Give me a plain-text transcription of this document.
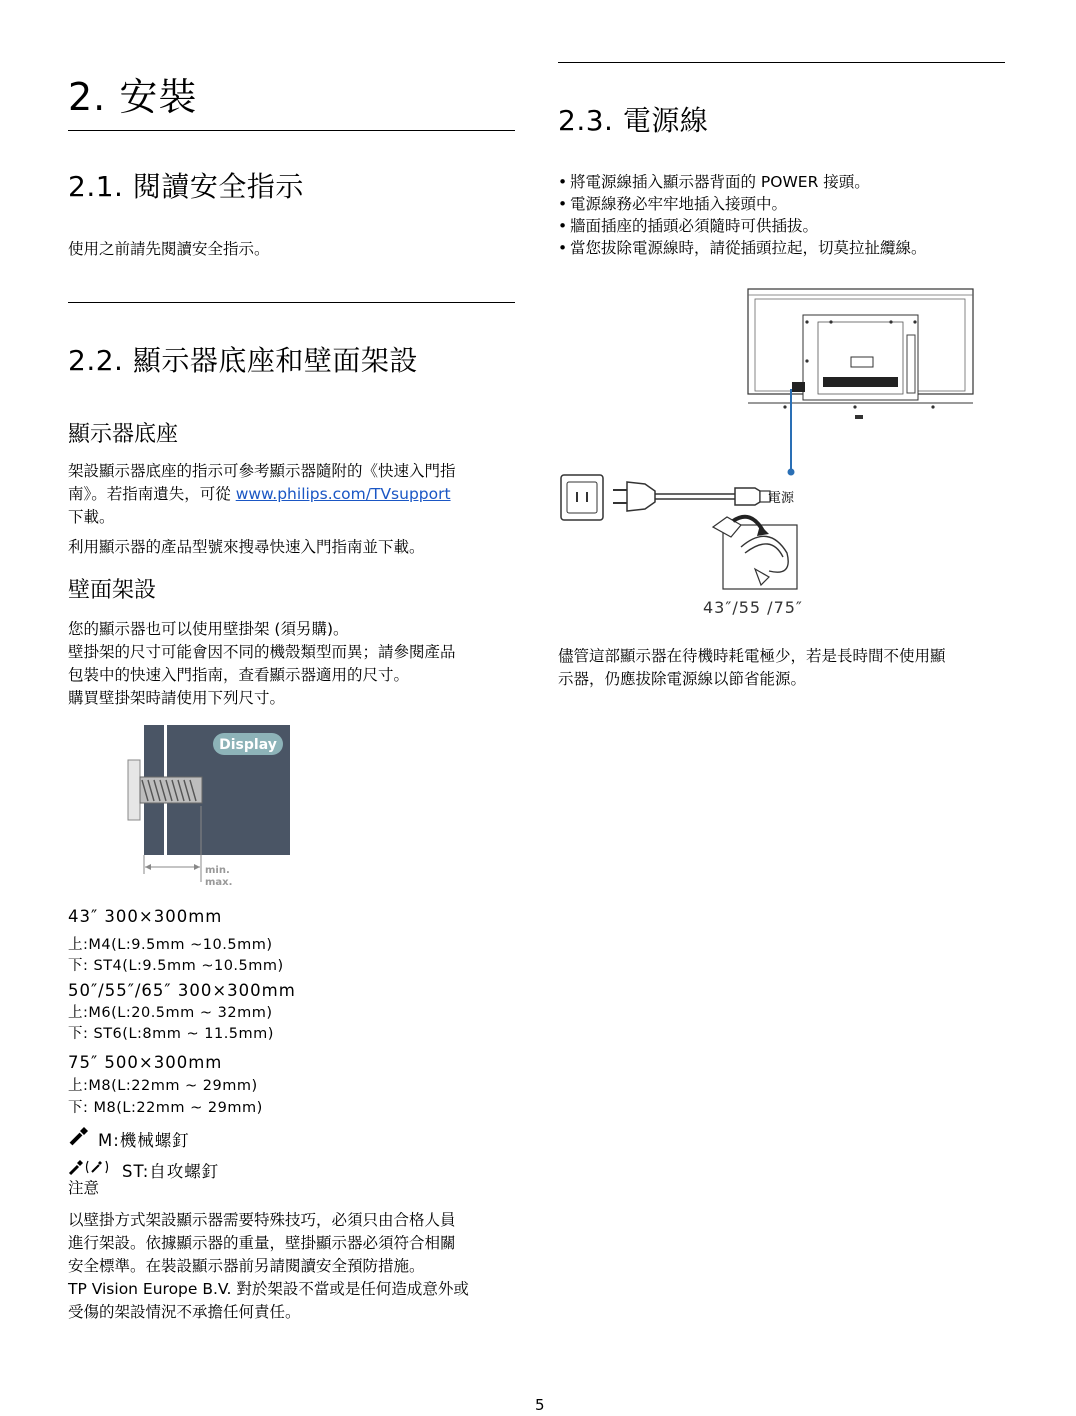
2. 安裝
2.1. 閱讀安全指示
使用之前請先閱讀安全指示。
2.2. 顯示器底座和壁面架設
顯示器底座
架設顯示器底座的指示可參考顯示器隨附的《快速入門指
南》。若指南遺失，可從 www.philips.com/TVsupport
下載。
利用顯示器的產品型號來搜尋快速入門指南並下載。
壁面架設
您的顯示器也可以使用壁掛架 (須另購)。
壁掛架的尺寸可能會因不同的機殼類型而異；請參閱產品
包裝中的快速入門指南，查看顯示器適用的尺寸。
購買壁掛架時請使用下列尺寸。
Display
min.
max.
43″ 300×300mm
上:M4(L:9.5mm ~10.5mm)
下: ST4(L:9.5mm ~10.5mm)
50″/55″/65″ 300×300mm
上:M6(L:20.5mm ~ 32mm)
下: ST6(L:8mm ~ 11.5mm)
75″ 500×300mm
上:M8(L:22mm ~ 29mm)
下: M8(L:22mm ~ 29mm)
M:機械螺釘
ST:自攻螺釘
注意
以壁掛方式架設顯示器需要特殊技巧，必須只由合格人員
進行架設。依據顯示器的重量，壁掛顯示器必須符合相關
安全標準。在裝設顯示器前另請閱讀安全預防措施。
TP Vision Europe B.V. 對於架設不當或是任何造成意外或
受傷的架設情況不承擔任何責任。
2.3. 電源線
• 將電源線插入顯示器背面的 POWER 接頭。
• 電源線務必牢牢地插入接頭中。
• 牆面插座的插頭必須隨時可供插拔。
• 當您拔除電源線時，請從插頭拉起，切莫拉扯纜線。
電源
43″/55 /75″
儘管這部顯示器在待機時耗電極少，若是長時間不使用顯
示器，仍應拔除電源線以節省能源。
5
